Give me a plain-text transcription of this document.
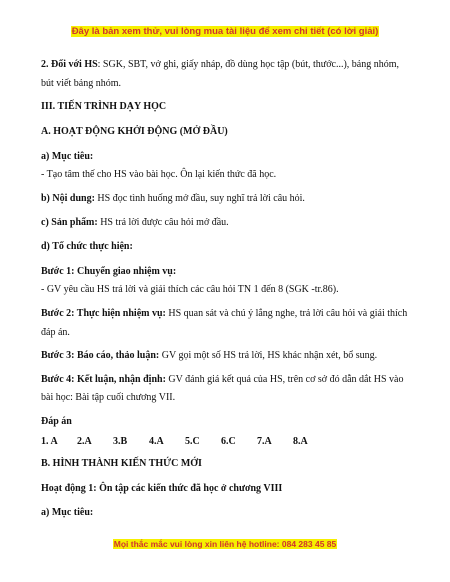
Đây là bản xem thử, vui lòng mua tài liệu để xem chi tiết (có lời giải)
2. Đối với HS: SGK, SBT, vở ghi, giấy nháp, đồ dùng học tập (bút, thước...), bảng nhóm,
bút viết bảng nhóm.
III. TIẾN TRÌNH DẠY HỌC
A. HOẠT ĐỘNG KHỞI ĐỘNG (MỞ ĐẦU)
a) Mục tiêu:
- Tạo tâm thế cho HS vào bài học. Ôn lại kiến thức đã học.
b) Nội dung: HS đọc tình huống mở đầu, suy nghĩ trả lời câu hỏi.
c) Sản phẩm: HS trả lời được câu hỏi mở đầu.
d) Tổ chức thực hiện:
Bước 1: Chuyển giao nhiệm vụ:
- GV yêu cầu HS trả lời và giải thích các câu hỏi TN 1 đến 8 (SGK -tr.86).
Bước 2: Thực hiện nhiệm vụ: HS quan sát và chú ý lắng nghe, trả lời câu hỏi và giải thích
đáp án.
Bước 3: Báo cáo, thảo luận: GV gọi một số HS trả lời, HS khác nhận xét, bổ sung.
Bước 4: Kết luận, nhận định: GV đánh giá kết quả của HS, trên cơ sở đó dẫn dắt HS vào
bài học: Bài tập cuối chương VII.
Đáp án
1. A 2.A 3.B 4.A 5.C 6.C 7.A 8.A
B. HÌNH THÀNH KIẾN THỨC MỚI
Hoạt động 1: Ôn tập các kiến thức đã học ở chương VIII
a) Mục tiêu:
Mọi thắc mắc vui lòng xin liên hệ hotline: 084 283 45 85
